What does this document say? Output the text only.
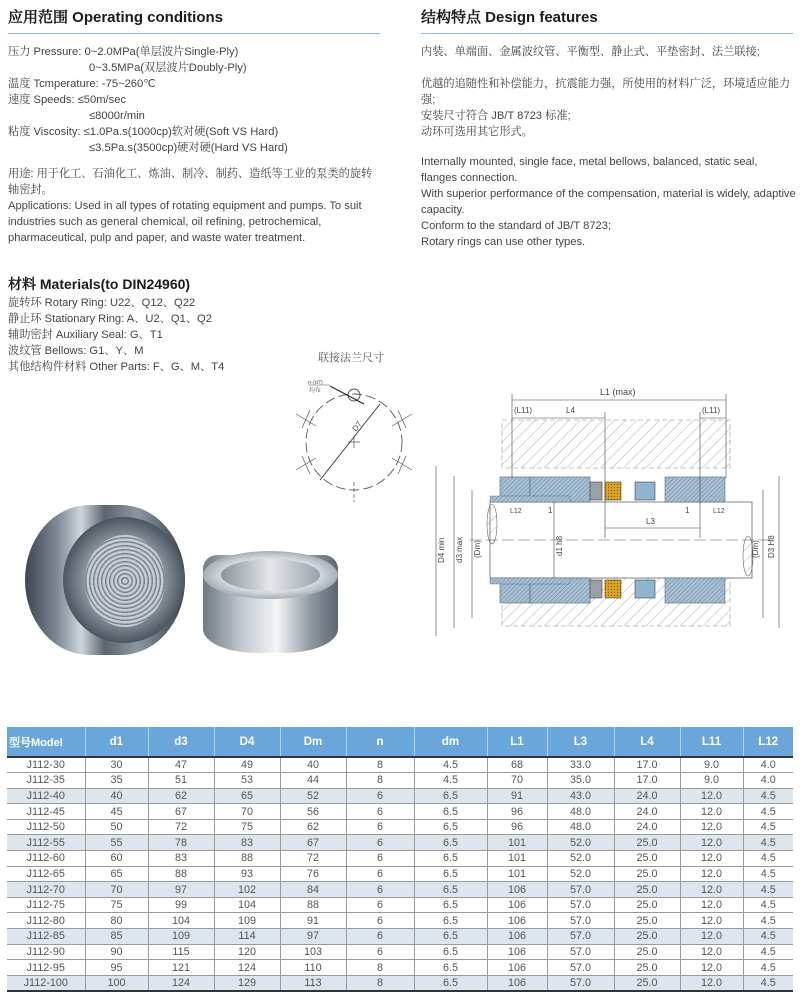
应用范围 Operating conditions
压力 Pressure: 0~2.0MPa(单层波片Single-Ply)
0~3.5MPa(双层波片Doubly-Ply)
温度 Tcmperature: -75~260℃
速度 Speeds: ≤50m/sec
≤8000r/min
粘度 Viscosity: ≤1.0Pa.s(1000cp)软对硬(Soft VS Hard)
≤3.5Pa.s(3500cp)硬对硬(Hard VS Hard)
用途: 用于化工、石油化工、炼油、制冷、制药、造纸等工业的泵类的旋转轴密封。
Applications: Used in all types of rotating equipment and pumps. To suit industries such as general chemical, oil refining, petrochemical, pharmaceutical, pulp and paper, and waste water treatment.
结构特点 Design features
内装、单端面、金属波纹管、平衡型、静止式、平垫密封、法兰联接;
优越的追随性和补偿能力，抗震能力强，所使用的材料广泛，环境适应能力强;
安装尺寸符合 JB/T 8723 标准;
动环可选用其它形式。
Internally mounted, single face, metal bellows, balanced, static seal, flanges connection.
With superior performance of the compensation, material is widely, adaptive capacity.
Conform to the standard of JB/T 8723;
Rotary rings can use other types.
材料 Materials(to DIN24960)
旋转环 Rotary Ring: U22、Q12、Q22
静止环 Stationary Ring: A、U2、Q1、Q2
辅助密封 Auxiliary Seal: G、T1
波纹管 Bellows: G1、Y、M
其他结构件材料 Other Parts: F、G、M、T4
联接法兰尺寸
n-(d7)
均布
D7
L1 (max)
(L11)	L4	(L11)
L12	1	1	L12
L3
D4 min d3 max (Dm)	d1 h8	(Dm) D3 H8
型号Model	d1	d3	D4	Dm	n	dm	L1	L3	L4	L11	L12
J112-30	30	47	49	40	8	4.5	68	33.0	17.0	9.0	4.0
J112-35	35	51	53	44	8	4.5	70	35.0	17.0	9.0	4.0
J112-40	40	62	65	52	6	6.5	91	43.0	24.0	12.0	4.5
J112-45	45	67	70	56	6	6.5	96	48.0	24.0	12.0	4.5
J112-50	50	72	75	62	6	6.5	96	48.0	24.0	12.0	4.5
J112-55	55	78	83	67	6	6.5	101	52.0	25.0	12.0	4.5
J112-60	60	83	88	72	6	6.5	101	52.0	25.0	12.0	4.5
J112-65	65	88	93	76	6	6.5	101	52.0	25.0	12.0	4.5
J112-70	70	97	102	84	6	6.5	106	57.0	25.0	12.0	4.5
J112-75	75	99	104	88	6	6.5	106	57.0	25.0	12.0	4.5
J112-80	80	104	109	91	6	6.5	106	57.0	25.0	12.0	4.5
J112-85	85	109	114	97	6	6.5	106	57.0	25.0	12.0	4.5
J112-90	90	115	120	103	6	6.5	106	57.0	25.0	12.0	4.5
J112-95	95	121	124	110	8	6.5	106	57.0	25.0	12.0	4.5
J112-100	100	124	129	113	8	6.5	106	57.0	25.0	12.0	4.5
